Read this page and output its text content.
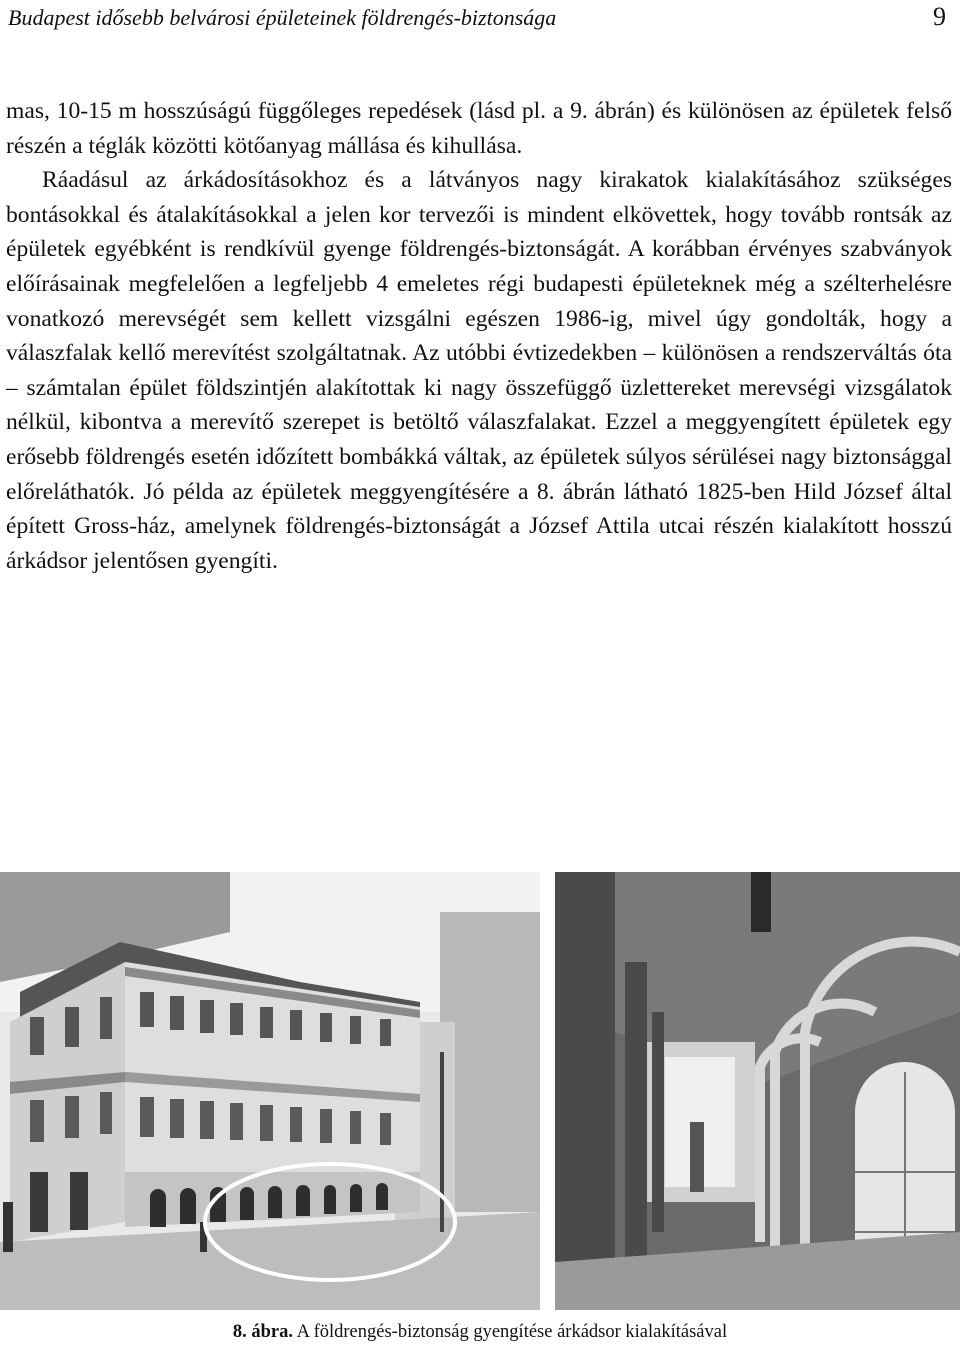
Budapest idősebb belvárosi épületeinek földrengés-biztonsága	9

mas, 10-15 m hosszúságú függőleges repedések (lásd pl. a 9. ábrán) és különösen az épületek felső részén a téglák közötti kötőanyag mállása és kihullása.

Ráadásul az árkádosításokhoz és a látványos nagy kirakatok kialakításához szükséges bontásokkal és átalakításokkal a jelen kor tervezői is mindent elkövettek, hogy tovább rontsák az épületek egyébként is rendkívül gyenge földrengés-biztonságát. A korábban érvényes szabványok előírásainak megfelelően a legfeljebb 4 emeletes régi budapesti épületeknek még a szélterhelésre vonatkozó merevségét sem kellett vizsgálni egészen 1986-ig, mivel úgy gondolták, hogy a válaszfalak kellő merevítést szolgáltatnak. Az utóbbi évtizedekben – különösen a rendszerváltás óta – számtalan épület földszintjén alakítottak ki nagy összefüggő üzlettereket merevségi vizsgálatok nélkül, kibontva a merevítő szerepet is betöltő válaszfalakat. Ezzel a meggyengített épületek egy erősebb földrengés esetén időzített bombákká váltak, az épületek súlyos sérülései nagy biztonsággal előreláthatók. Jó példa az épületek meggyengítésére a 8. ábrán látható 1825-ben Hild József által épített Gross-ház, amelynek földrengés-biztonságát a József Attila utcai részén kialakított hosszú árkádsor jelentősen gyengíti.

8. ábra. A földrengés-biztonság gyengítése árkádsor kialakításával
